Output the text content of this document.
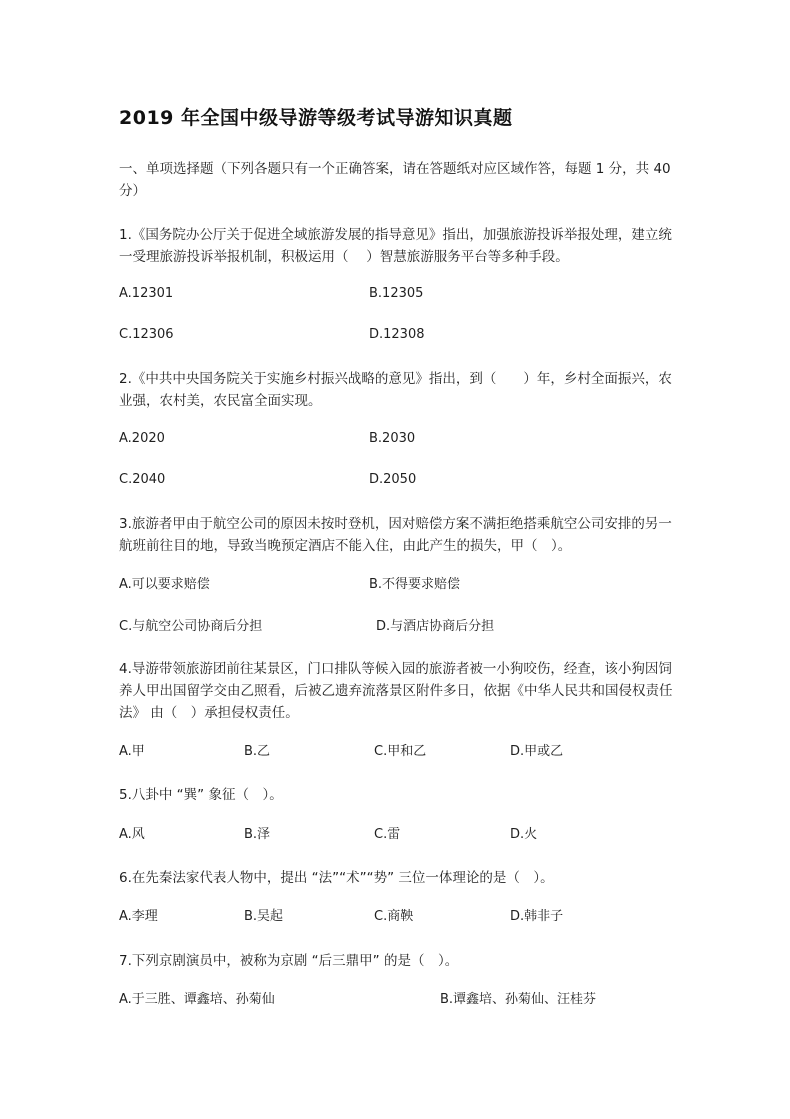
2019 年全国中级导游等级考试导游知识真题
一、单项选择题（下列各题只有一个正确答案，请在答题纸对应区域作答，每题 1 分，共 40　分）
1.《国务院办公厅关于促进全域旅游发展的指导意见》指出，加强旅游投诉举报处理，建立统一受理旅游投诉举报机制，积极运用（　 ）智慧旅游服务平台等多种手段。
A.12301	B.12305
C.12306	D.12308
2.《中共中央国务院关于实施乡村振兴战略的意见》指出，到（　　）年，乡村全面振兴，农业强，农村美，农民富全面实现。
A.2020	B.2030
C.2040	D.2050
3.旅游者甲由于航空公司的原因未按时登机，因对赔偿方案不满拒绝搭乘航空公司安排的另一航班前往目的地，导致当晚预定酒店不能入住，由此产生的损失，甲（　）。
A.可以要求赔偿	B.不得要求赔偿
C.与航空公司协商后分担	D.与酒店协商后分担
4.导游带领旅游团前往某景区，门口排队等候入园的旅游者被一小狗咬伤，经查，该小狗因饲养人甲出国留学交由乙照看，后被乙遗弃流落景区附件多日，依据《中华人民共和国侵权责任法》 由（　）承担侵权责任。
A.甲	B.乙	C.甲和乙	D.甲或乙
5.八卦中 “巽” 象征（　）。
A.风	B.泽	C.雷	D.火
6.在先秦法家代表人物中，提出 “法”“术”“势” 三位一体理论的是（　）。
A.李理	B.吴起	C.商鞅	D.韩非子
7.下列京剧演员中，被称为京剧 “后三鼎甲” 的是（　）。
A.于三胜、谭鑫培、孙菊仙	B.谭鑫培、孙菊仙、汪桂芬
